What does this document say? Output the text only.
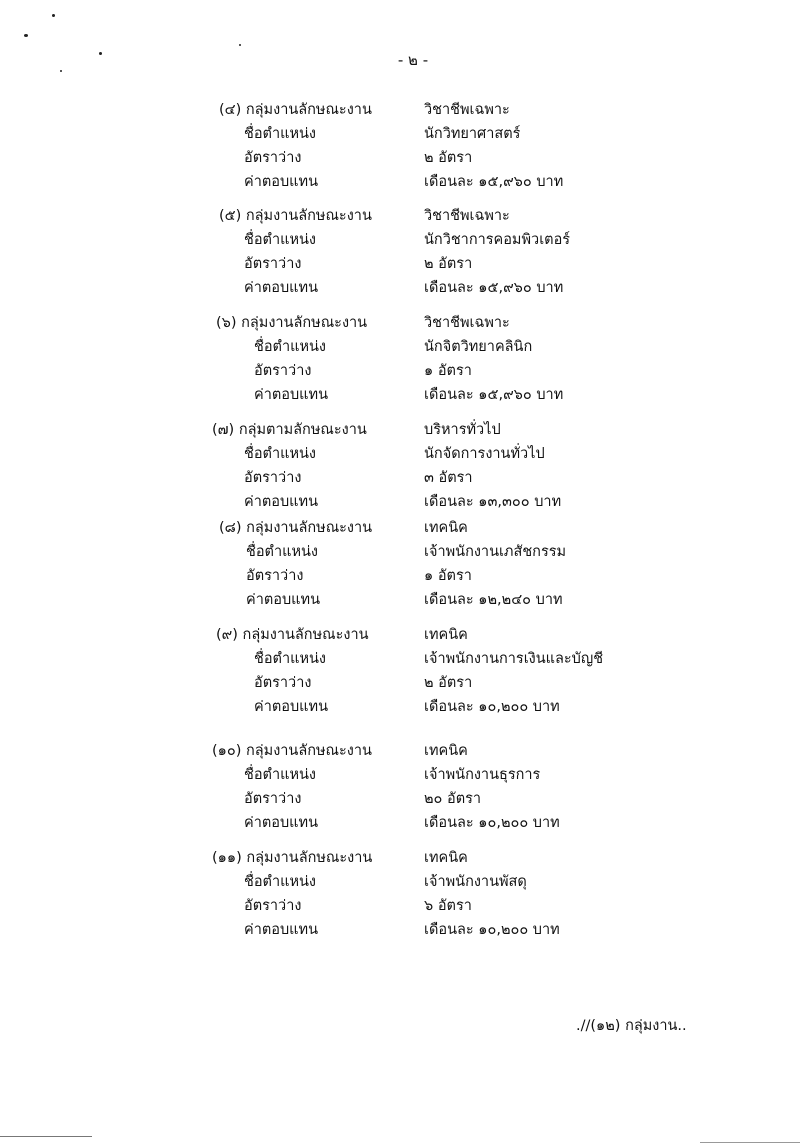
- ๒ -
(๔) กลุ่มงานลักษณะงาน	วิชาชีพเฉพาะ
ชื่อตำแหน่ง	นักวิทยาศาสตร์
อัตราว่าง	๒ อัตรา
ค่าตอบแทน	เดือนละ ๑๕,๙๖๐ บาท
(๕) กลุ่มงานลักษณะงาน	วิชาชีพเฉพาะ
ชื่อตำแหน่ง	นักวิชาการคอมพิวเตอร์
อัตราว่าง	๒ อัตรา
ค่าตอบแทน	เดือนละ ๑๕,๙๖๐ บาท
(๖) กลุ่มงานลักษณะงาน	วิชาชีพเฉพาะ
ชื่อตำแหน่ง	นักจิตวิทยาคลินิก
อัตราว่าง	๑ อัตรา
ค่าตอบแทน	เดือนละ ๑๕,๙๖๐ บาท
(๗) กลุ่มตามลักษณะงาน	บริหารทั่วไป
ชื่อตำแหน่ง	นักจัดการงานทั่วไป
อัตราว่าง	๓ อัตรา
ค่าตอบแทน	เดือนละ ๑๓,๓๐๐ บาท
(๘) กลุ่มงานลักษณะงาน	เทคนิค
ชื่อตำแหน่ง	เจ้าพนักงานเภสัชกรรม
อัตราว่าง	๑ อัตรา
ค่าตอบแทน	เดือนละ ๑๒,๒๔๐ บาท
(๙) กลุ่มงานลักษณะงาน	เทคนิค
ชื่อตำแหน่ง	เจ้าพนักงานการเงินและบัญชี
อัตราว่าง	๒ อัตรา
ค่าตอบแทน	เดือนละ ๑๐,๒๐๐ บาท
(๑๐) กลุ่มงานลักษณะงาน	เทคนิค
ชื่อตำแหน่ง	เจ้าพนักงานธุรการ
อัตราว่าง	๒๐ อัตรา
ค่าตอบแทน	เดือนละ ๑๐,๒๐๐ บาท
(๑๑) กลุ่มงานลักษณะงาน	เทคนิค
ชื่อตำแหน่ง	เจ้าพนักงานพัสดุ
อัตราว่าง	๖ อัตรา
ค่าตอบแทน	เดือนละ ๑๐,๒๐๐ บาท
.//(๑๒) กลุ่มงาน..
